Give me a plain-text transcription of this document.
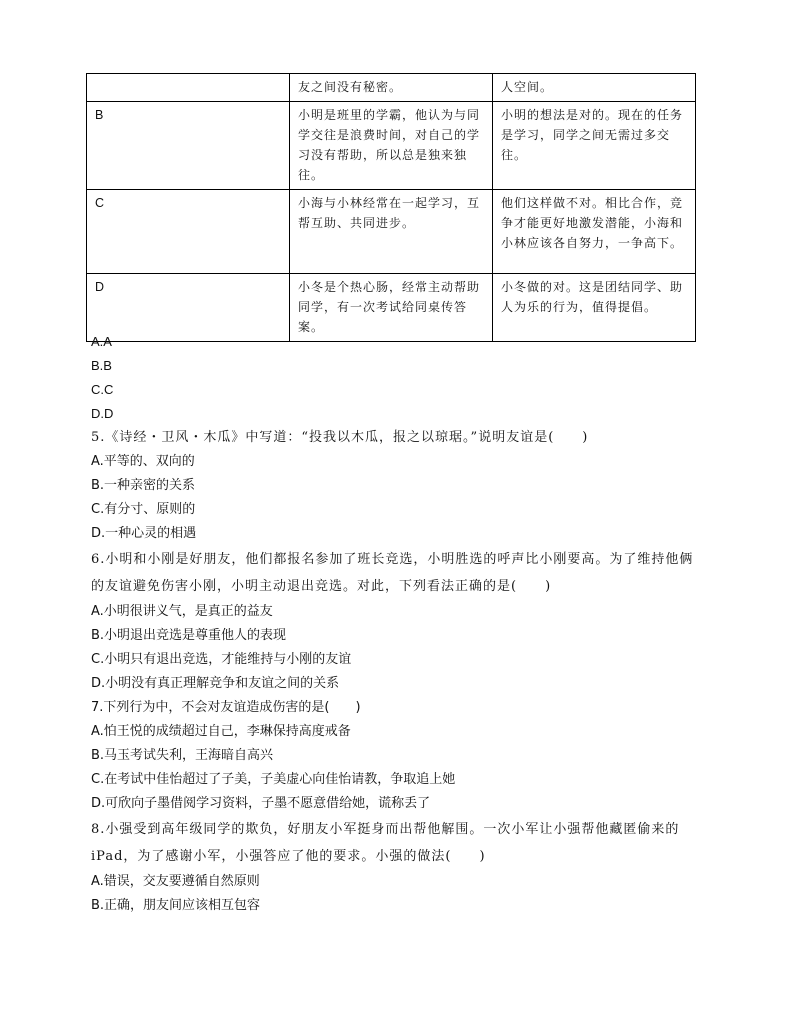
	友之间没有秘密。	人空间。
B	小明是班里的学霸，他认为与同学交往是浪费时间，对自己的学习没有帮助，所以总是独来独往。	小明的想法是对的。现在的任务是学习，同学之间无需过多交往。
C	小海与小林经常在一起学习，互帮互助、共同进步。	他们这样做不对。相比合作，竞争才能更好地激发潜能，小海和小林应该各自努力，一争高下。
D	小冬是个热心肠，经常主动帮助同学，有一次考试给同桌传答案。	小冬做的对。这是团结同学、助人为乐的行为，值得提倡。
A.A
B.B
C.C
D.D
5.《诗经・卫风・木瓜》中写道：“投我以木瓜，报之以琼琚。”说明友谊是(　　)
A.平等的、双向的
B.一种亲密的关系
C.有分寸、原则的
D.一种心灵的相遇
6.小明和小刚是好朋友，他们都报名参加了班长竞选，小明胜选的呼声比小刚要高。为了维持他俩的友谊避免伤害小刚，小明主动退出竞选。对此，下列看法正确的是(　　)
A.小明很讲义气，是真正的益友
B.小明退出竞选是尊重他人的表现
C.小明只有退出竞选，才能维持与小刚的友谊
D.小明没有真正理解竞争和友谊之间的关系
7.下列行为中，不会对友谊造成伤害的是(　　)
A.怕王悦的成绩超过自己，李琳保持高度戒备
B.马玉考试失利，王海暗自高兴
C.在考试中佳怡超过了子美，子美虚心向佳怡请教，争取追上她
D.可欣向子墨借阅学习资料，子墨不愿意借给她，谎称丢了
8.小强受到高年级同学的欺负，好朋友小军挺身而出帮他解围。一次小军让小强帮他藏匿偷来的 iPad，为了感谢小军，小强答应了他的要求。小强的做法(　　)
A.错误，交友要遵循自然原则
B.正确，朋友间应该相互包容
